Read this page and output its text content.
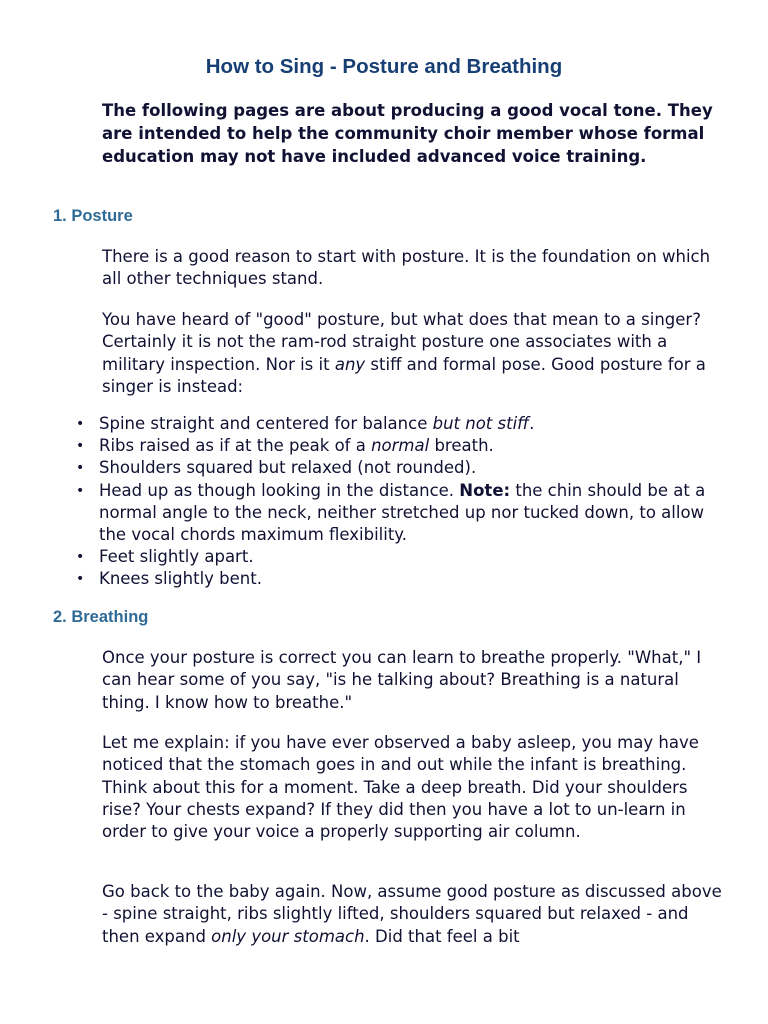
How to Sing - Posture and Breathing

The following pages are about producing a good vocal tone. They are intended to help the community choir member whose formal education may not have included advanced voice training.

1. Posture

There is a good reason to start with posture. It is the foundation on which all other techniques stand.

You have heard of "good" posture, but what does that mean to a singer? Certainly it is not the ram-rod straight posture one associates with a military inspection. Nor is it any stiff and formal pose. Good posture for a singer is instead:

• Spine straight and centered for balance but not stiff.
• Ribs raised as if at the peak of a normal breath.
• Shoulders squared but relaxed (not rounded).
• Head up as though looking in the distance. Note: the chin should be at a normal angle to the neck, neither stretched up nor tucked down, to allow the vocal chords maximum flexibility.
• Feet slightly apart.
• Knees slightly bent.
2. Breathing

Once your posture is correct you can learn to breathe properly. "What," I can hear some of you say, "is he talking about? Breathing is a natural thing. I know how to breathe."

Let me explain: if you have ever observed a baby asleep, you may have noticed that the stomach goes in and out while the infant is breathing. Think about this for a moment. Take a deep breath. Did your shoulders rise? Your chests expand? If they did then you have a lot to un-learn in order to give your voice a properly supporting air column.

Go back to the baby again. Now, assume good posture as discussed above - spine straight, ribs slightly lifted, shoulders squared but relaxed - and then expand only your stomach. Did that feel a bit
